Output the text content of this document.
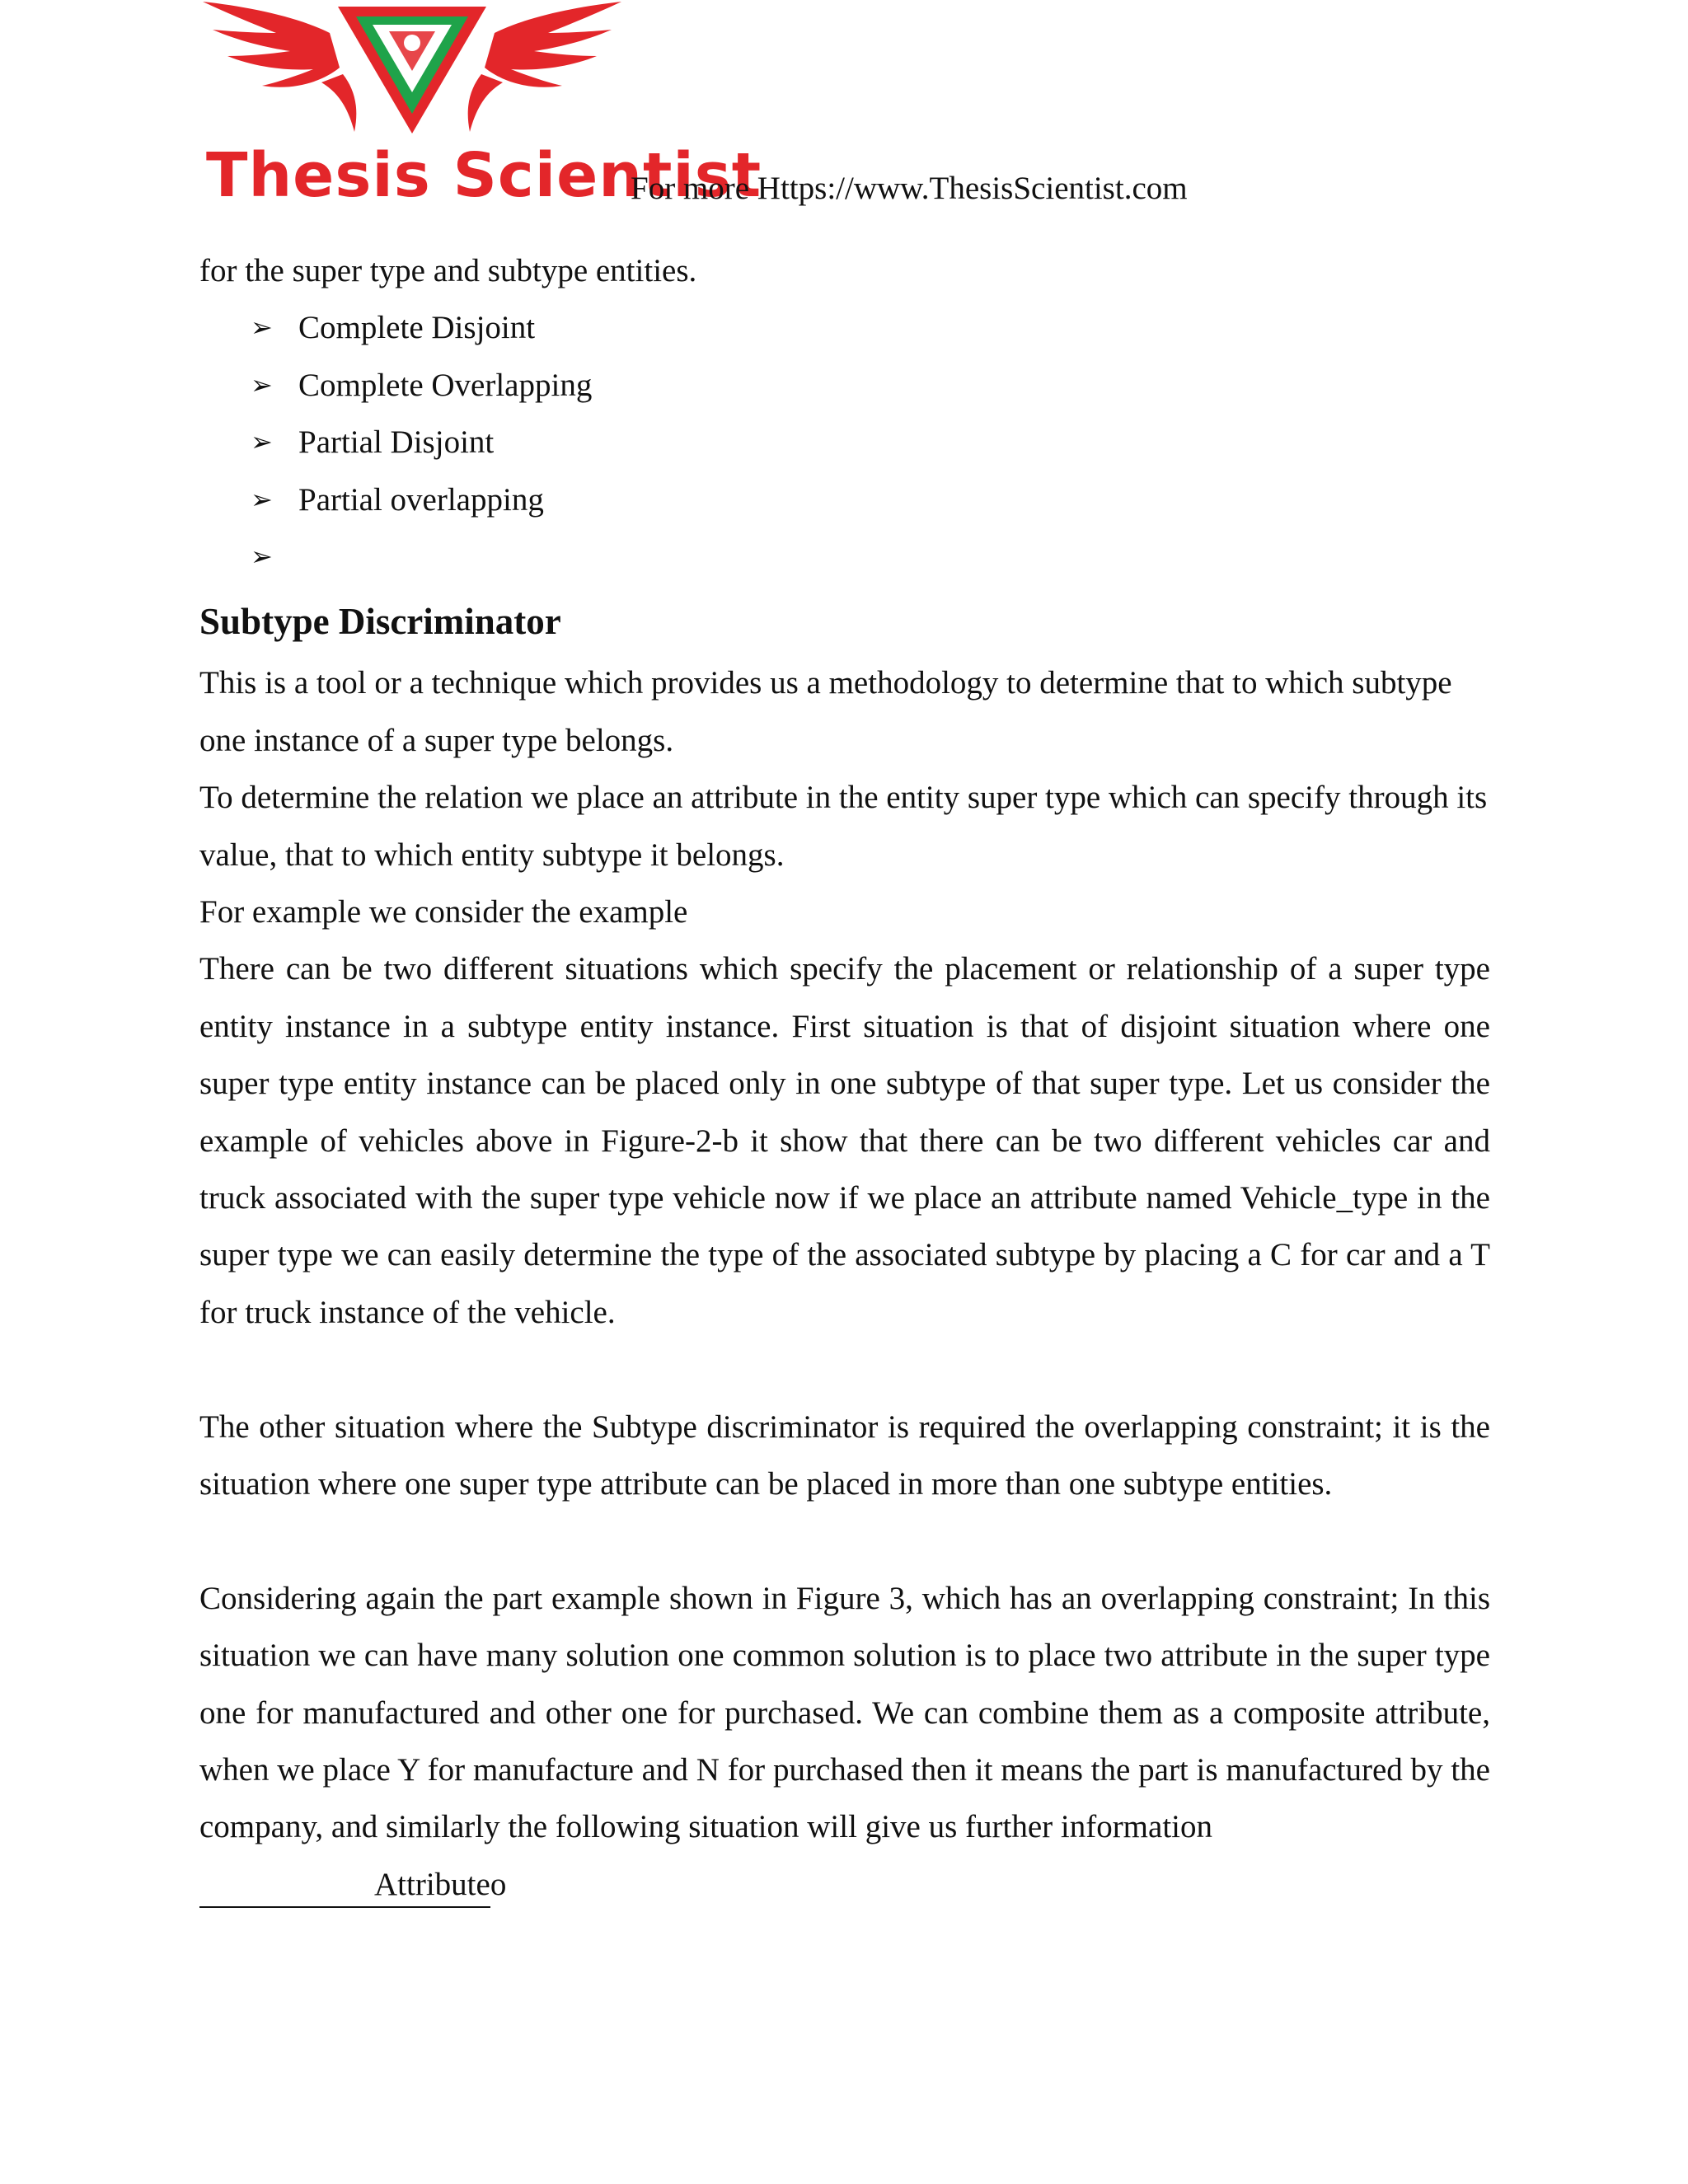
Thesis Scientist
For more Https://www.ThesisScientist.com

for the super type and subtype entities.

➢ Complete Disjoint
➢ Complete Overlapping
➢ Partial Disjoint
➢ Partial overlapping
➢
Subtype Discriminator

This is a tool or a technique which provides us a methodology to determine that to which subtype one instance of a super type belongs.

To determine the relation we place an attribute in the entity super type which can specify through its value, that to which entity subtype it belongs.

For example we consider the example

There can be two different situations which specify the placement or relationship of a super type entity instance in a subtype entity instance. First situation is that of disjoint situation where one super type entity instance can be placed only in one subtype of that super type. Let us consider the example of vehicles above in Figure-2-b it show that there can be two different vehicles car and truck associated with the super type vehicle now if we place an attribute named Vehicle_type in the super type we can easily determine the type of the associated subtype by placing a C for car and a T for truck instance of the vehicle.

The other situation where the Subtype discriminator is required the overlapping constraint; it is the situation where one super type attribute can be placed in more than one subtype entities.

Considering again the part example shown in Figure 3, which has an overlapping constraint; In this situation we can have many solution one common solution is to place two attribute in the super type one for manufactured and other one for purchased. We can combine them as a composite attribute, when we place Y for manufacture and N for purchased then it means the part is manufactured by the company, and similarly the following situation will give us further information

Attributeo
